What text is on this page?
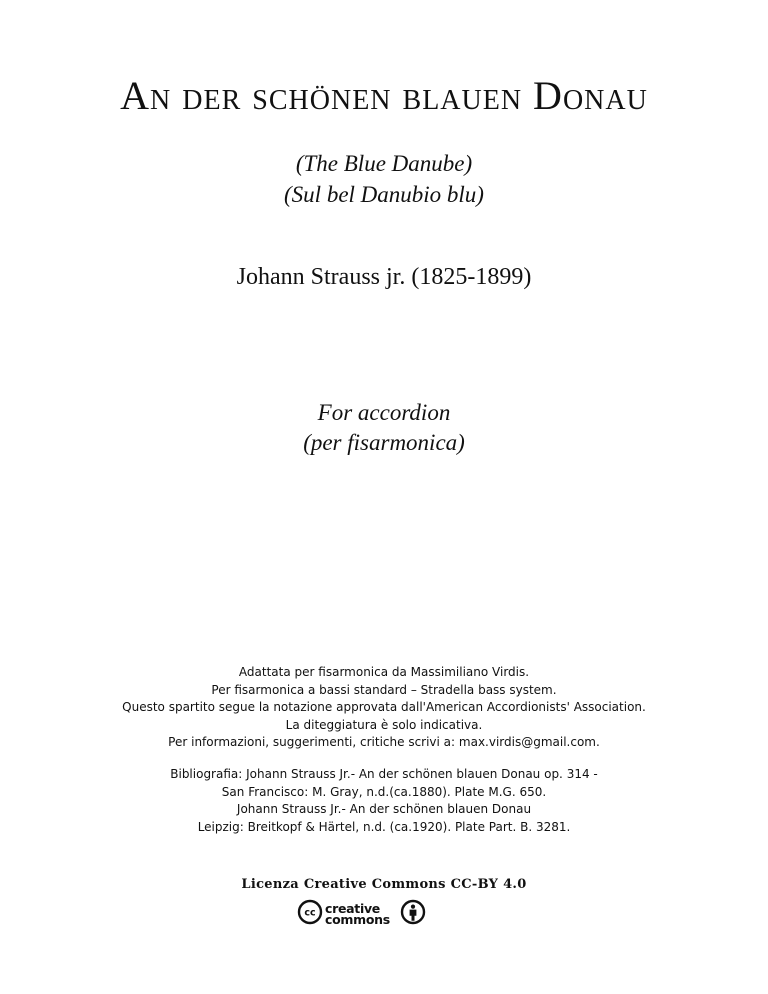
An der schönen blauen Donau
(The Blue Danube)
(Sul bel Danubio blu)
Johann Strauss jr. (1825-1899)
For accordion
(per fisarmonica)
Adattata per fisarmonica da Massimiliano Virdis.
Per fisarmonica a bassi standard – Stradella bass system.
Questo spartito segue la notazione approvata dall'American Accordionists' Association.
La diteggiatura è solo indicativa.
Per informazioni, suggerimenti, critiche scrivi a: max.virdis@gmail.com.
Bibliografia: Johann Strauss Jr.- An der schönen blauen Donau op. 314 -
San Francisco: M. Gray, n.d.(ca.1880). Plate M.G. 650.
Johann Strauss Jr.- An der schönen blauen Donau
Leipzig: Breitkopf & Härtel, n.d. (ca.1920). Plate Part. B. 3281.
Licenza Creative Commons CC-BY 4.0
cc creative
commons
